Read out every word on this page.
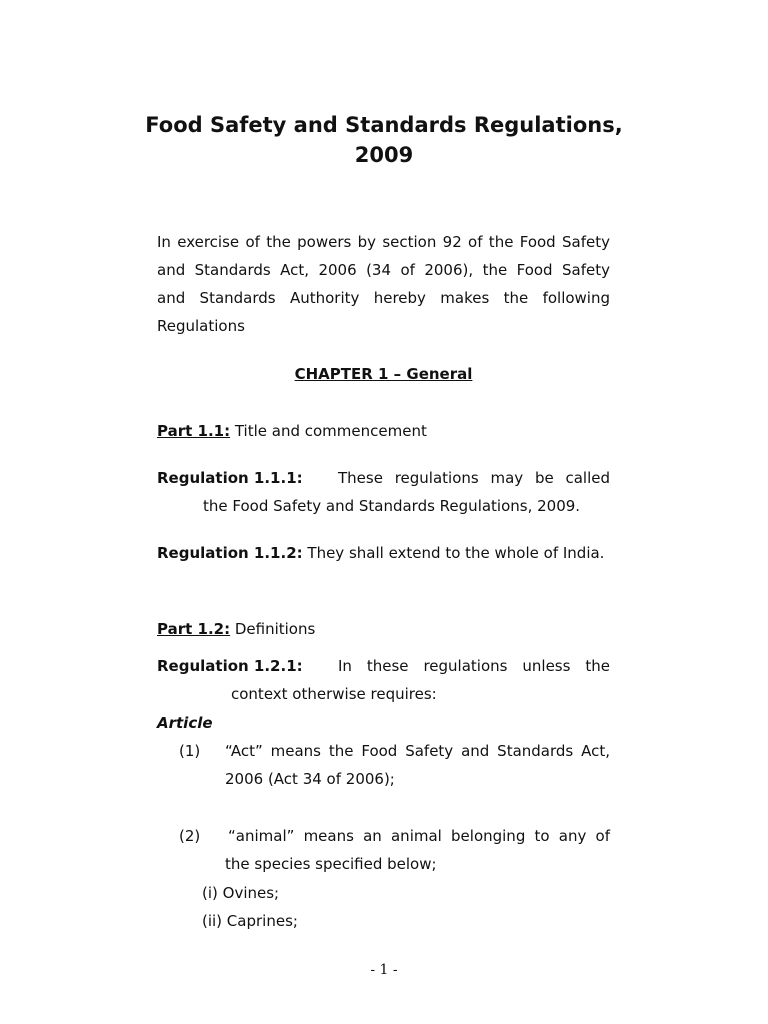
Food Safety and Standards Regulations,
2009
In exercise of the powers by section 92 of the Food Safety
and Standards Act, 2006 (34 of 2006), the Food Safety
and Standards Authority hereby makes the following
Regulations
CHAPTER 1 – General
Part 1.1: Title and commencement
Regulation 1.1.1: These regulations may be called
the Food Safety and Standards Regulations, 2009.
Regulation 1.1.2: They shall extend to the whole of India.
Part 1.2: Definitions
Regulation 1.2.1: In these regulations unless the
context otherwise requires:
Article
(1) “Act” means the Food Safety and Standards Act,
2006 (Act 34 of 2006);
(2) “animal” means an animal belonging to any of
the species specified below;
(i) Ovines;
(ii) Caprines;
- 1 -
